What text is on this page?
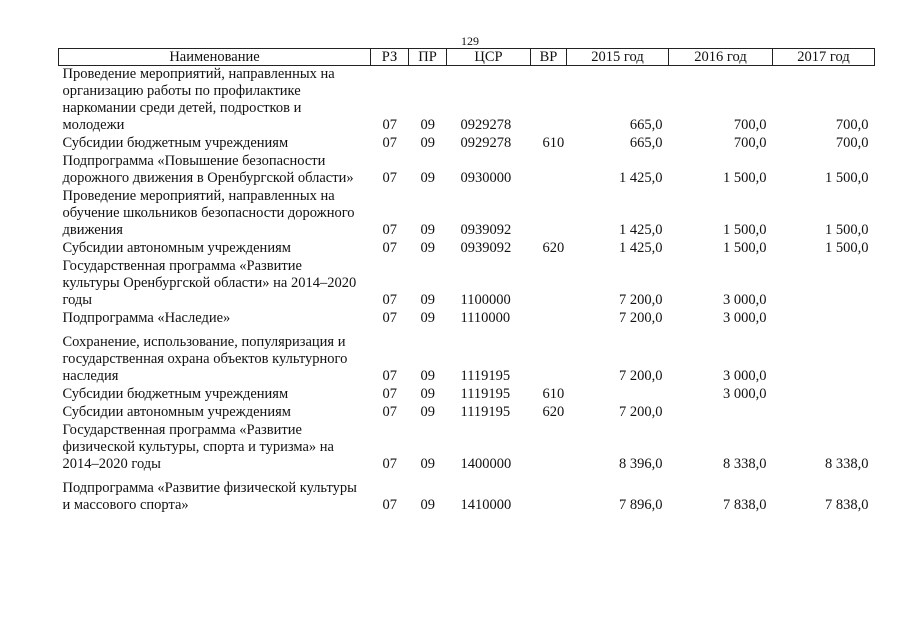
129
Наименование	РЗ	ПР	ЦСР	ВР	2015 год	2016 год	2017 год
Проведение мероприятий, направленных на организацию работы по профилактике наркомании среди детей, подростков и молодежи	07	09	0929278		665,0	700,0	700,0
Субсидии бюджетным учреждениям	07	09	0929278	610	665,0	700,0	700,0
Подпрограмма «Повышение безопасности дорожного движения в Оренбургской области»	07	09	0930000		1 425,0	1 500,0	1 500,0
Проведение мероприятий, направленных на обучение школьников безопасности дорожного движения	07	09	0939092		1 425,0	1 500,0	1 500,0
Субсидии автономным учреждениям	07	09	0939092	620	1 425,0	1 500,0	1 500,0
Государственная программа «Развитие культуры Оренбургской области» на 2014–2020 годы	07	09	1100000		7 200,0	3 000,0	
Подпрограмма «Наследие»	07	09	1110000		7 200,0	3 000,0	
Сохранение, использование, популяризация и государственная охрана объектов культурного наследия	07	09	1119195		7 200,0	3 000,0	
Субсидии бюджетным учреждениям	07	09	1119195	610		3 000,0	
Субсидии автономным учреждениям	07	09	1119195	620	7 200,0		
Государственная программа «Развитие физической культуры, спорта и туризма» на 2014–2020 годы	07	09	1400000		8 396,0	8 338,0	8 338,0
Подпрограмма «Развитие физической культуры и массового спорта»	07	09	1410000		7 896,0	7 838,0	7 838,0
